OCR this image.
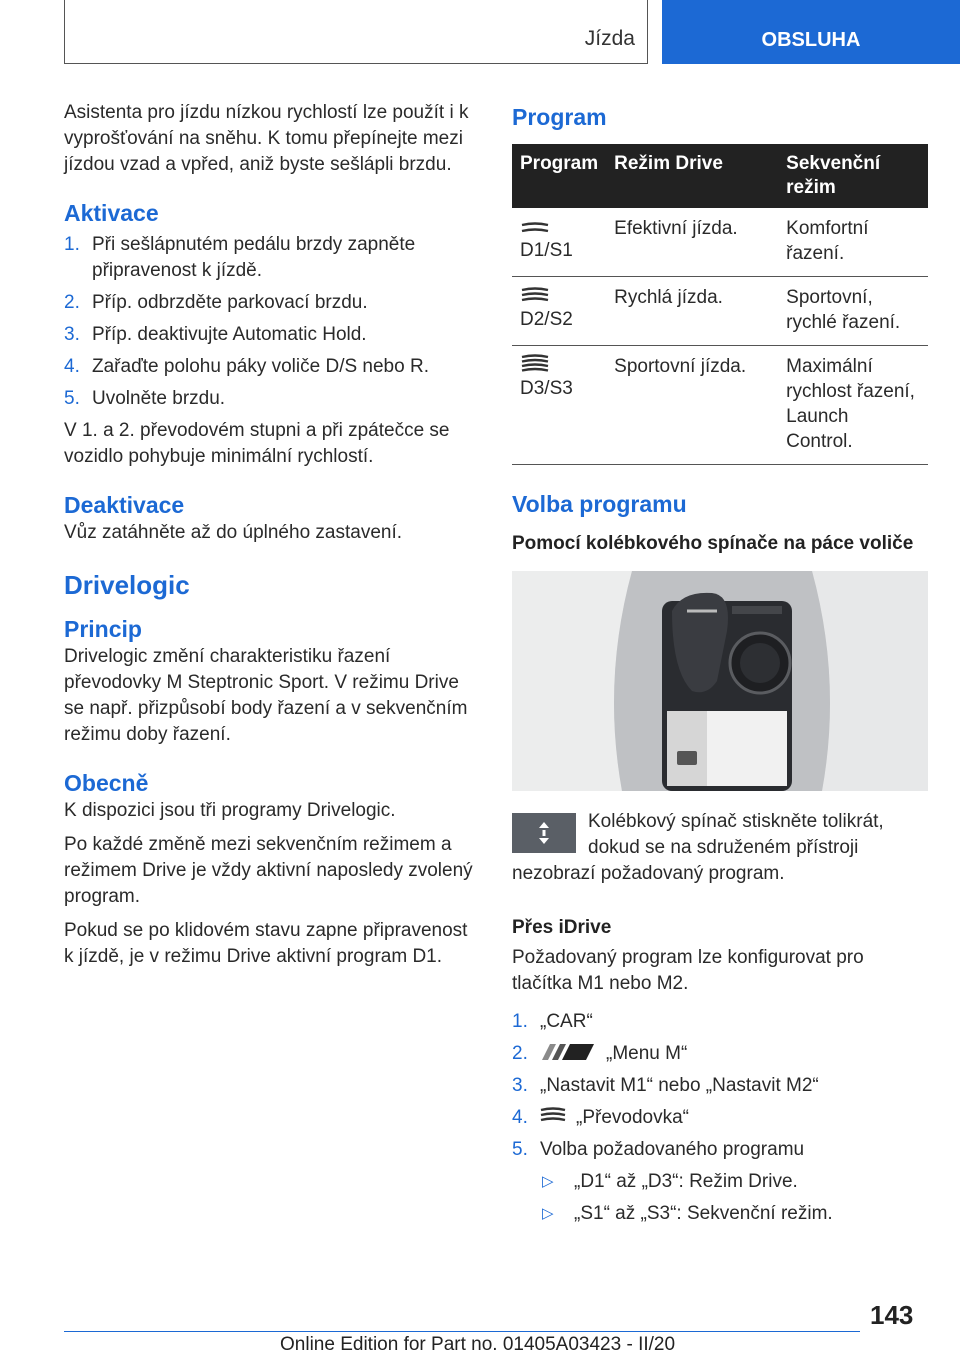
Jízda	OBSLUHA

Asistenta pro jízdu nízkou rychlostí lze použít i k vyprošťování na sněhu. K tomu přepínejte mezi jízdou vzad a vpřed, aniž byste sešlápli brzdu.

Aktivace
1. Při sešlápnutém pedálu brzdy zapněte připravenost k jízdě.
2. Příp. odbrzděte parkovací brzdu.
3. Příp. deaktivujte Automatic Hold.
4. Zařaďte polohu páky voliče D/S nebo R.
5. Uvolněte brzdu.

V 1. a 2. převodovém stupni a při zpátečce se vozidlo pohybuje minimální rychlostí.

Deaktivace

Vůz zatáhněte až do úplného zastavení.

Drivelogic
Princip

Drivelogic změní charakteristiku řazení převodovky M Steptronic Sport. V režimu Drive se např. přizpůsobí body řazení a v sekvenčním režimu doby řazení.

Obecně

K dispozici jsou tři programy Drivelogic.

Po každé změně mezi sekvenčním režimem a režimem Drive je vždy aktivní naposledy zvolený program.

Pokud se po klidovém stavu zapne připravenost k jízdě, je v režimu Drive aktivní program D1.

Program
Program	Režim Drive	Sekvenční režim

D1/S1	Efektivní jízda.	Komfortní řazení.

D2/S2	Rychlá jízda.	Sportovní, rychlé řazení.

D3/S3	Sportovní jízda.	Maximální rychlost řazení, Launch Control.
Volba programu
Pomocí kolébkového spínače na páce voliče

Kolébkový spínač stiskněte tolikrát, dokud se na sdruženém přístroji nezobrazí požadovaný program.

Přes iDrive

Požadovaný program lze konfigurovat pro tlačítka M1 nebo M2.

1. „CAR“
2.	„Menu M“
3. „Nastavit M1“ nebo „Nastavit M2“
4.	„Převodovka“
5. Volba požadovaného programu
▷ „D1“ až „D3“: Režim Drive.
▷ „S1“ až „S3“: Sekvenční režim.
143
Online Edition for Part no. 01405A03423 - II/20
